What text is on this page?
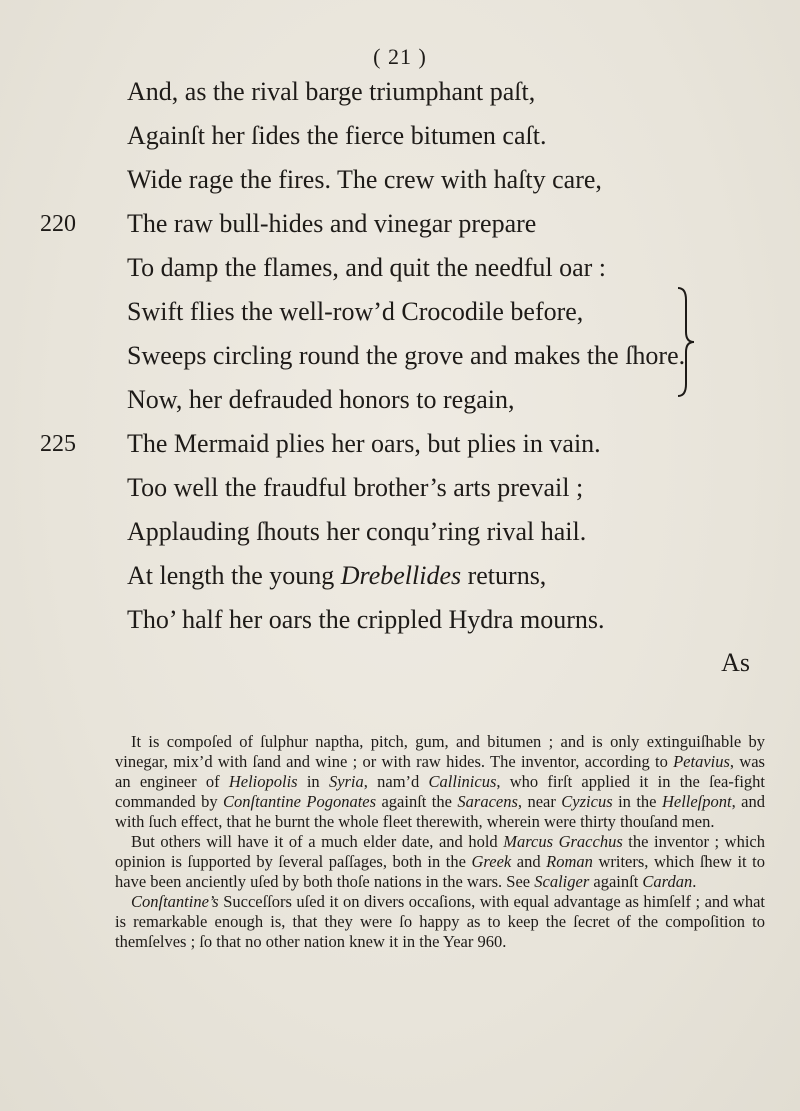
( 21 )
And, as the rival barge triumphant paſt,
Againſt her ſides the fierce bitumen caſt.
Wide rage the fires. The crew with haſty care,
220	The raw bull-hides and vinegar prepare
To damp the flames, and quit the needful oar :
Swift flies the well-row’d Crocodile before,
Sweeps circling round the grove and makes the ſhore.
Now, her defrauded honors to regain,
225	The Mermaid plies her oars, but plies in vain.
Too well the fraudful brother’s arts prevail ;
Applauding ſhouts her conqu’ring rival hail.
At length the young Drebellides returns,
Tho’ half her oars the crippled Hydra mourns.
As

It is compoſed of ſulphur naptha, pitch, gum, and bitumen ; and is only extinguiſhable by vinegar, mix’d with ſand and wine ; or with raw hides. The inventor, according to Petavius, was an engineer of Heliopolis in Syria, nam’d Callinicus, who firſt applied it in the ſea-fight commanded by Conſtantine Pogonates againſt the Saracens, near Cyzicus in the Helleſpont, and with ſuch effect, that he burnt the whole fleet therewith, wherein were thirty thouſand men.

But others will have it of a much elder date, and hold Marcus Gracchus the inventor ; which opinion is ſupported by ſeveral paſſages, both in the Greek and Roman writers, which ſhew it to have been anciently uſed by both thoſe nations in the wars. See Scaliger againſt Cardan.

Conſtantine’s Succeſſors uſed it on divers occaſions, with equal advantage as himſelf ; and what is remarkable enough is, that they were ſo happy as to keep the ſecret of the compoſition to themſelves ; ſo that no other nation knew it in the Year 960.
